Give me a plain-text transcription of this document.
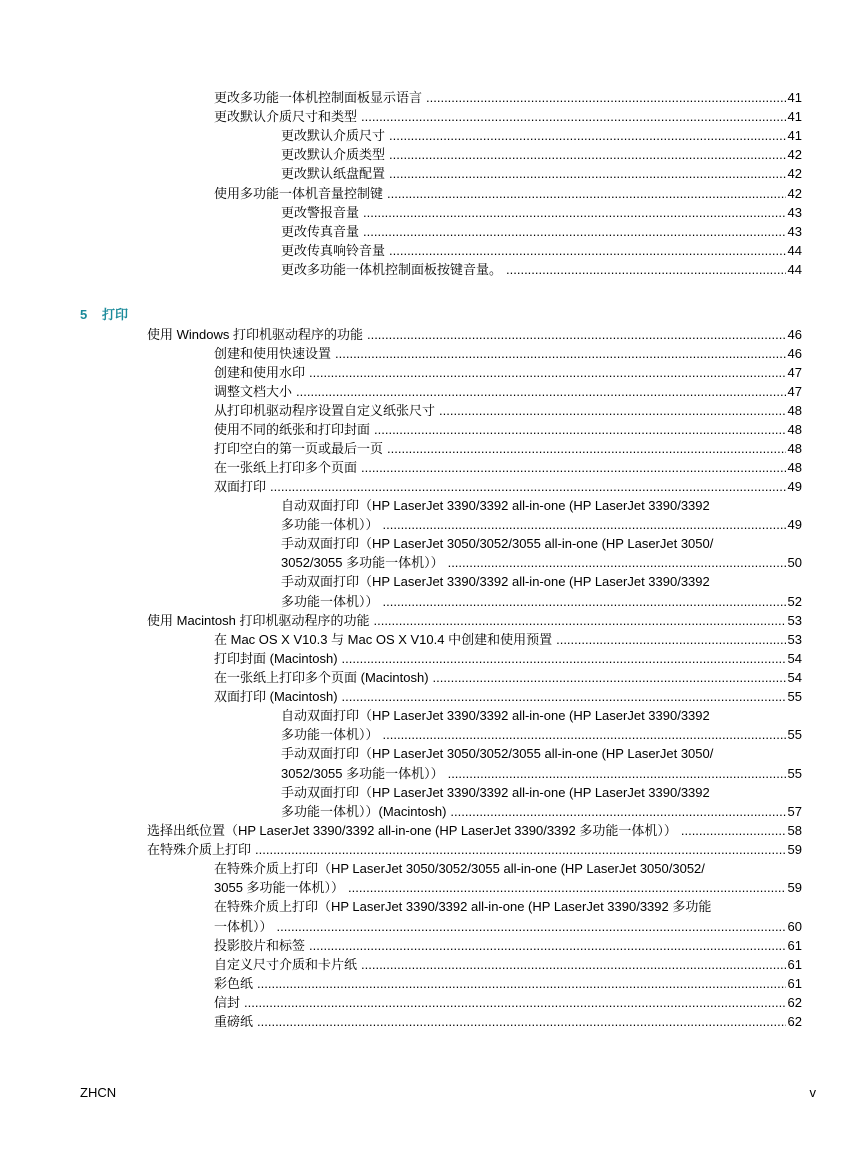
更改多功能一体机控制面板显示语言 .....	41
更改默认介质尺寸和类型 .....	41
更改默认介质尺寸 .....	41
更改默认介质类型 .....	42
更改默认纸盘配置 .....	42
使用多功能一体机音量控制键 .....	42
更改警报音量 .....	43
更改传真音量 .....	43
更改传真响铃音量 .....	44
更改多功能一体机控制面板按键音量。 .....	44
5 打印
使用 Windows 打印机驱动程序的功能 .....	46
创建和使用快速设置 .....	46
创建和使用水印 .....	47
调整文档大小 .....	47
从打印机驱动程序设置自定义纸张尺寸 .....	48
使用不同的纸张和打印封面 .....	48
打印空白的第一页或最后一页 .....	48
在一张纸上打印多个页面 .....	48
双面打印 .....	49
自动双面打印（HP LaserJet 3390/3392 all-in-one (HP LaserJet 3390/3392
多功能一体机）） .....	49
手动双面打印（HP LaserJet 3050/3052/3055 all-in-one (HP LaserJet 3050/
3052/3055 多功能一体机）） .....	50
手动双面打印（HP LaserJet 3390/3392 all-in-one (HP LaserJet 3390/3392
多功能一体机）） .....	52
使用 Macintosh 打印机驱动程序的功能 .....	53
在 Mac OS X V10.3 与 Mac OS X V10.4 中创建和使用预置 .....	53
打印封面 (Macintosh) .....	54
在一张纸上打印多个页面 (Macintosh) .....	54
双面打印 (Macintosh) .....	55
自动双面打印（HP LaserJet 3390/3392 all-in-one (HP LaserJet 3390/3392
多功能一体机）） .....	55
手动双面打印（HP LaserJet 3050/3052/3055 all-in-one (HP LaserJet 3050/
3052/3055 多功能一体机）） .....	55
手动双面打印（HP LaserJet 3390/3392 all-in-one (HP LaserJet 3390/3392
多功能一体机））(Macintosh) .....	57
选择出纸位置（HP LaserJet 3390/3392 all-in-one (HP LaserJet 3390/3392 多功能一体机）） .....	58
在特殊介质上打印 .....	59
在特殊介质上打印（HP LaserJet 3050/3052/3055 all-in-one (HP LaserJet 3050/3052/
3055 多功能一体机）） .....	59
在特殊介质上打印（HP LaserJet 3390/3392 all-in-one (HP LaserJet 3390/3392 多功能
一体机）） .....	60
投影胶片和标签 .....	61
自定义尺寸介质和卡片纸 .....	61
彩色纸 .....	61
信封 .....	62
重磅纸 .....	62
ZHCN	v
